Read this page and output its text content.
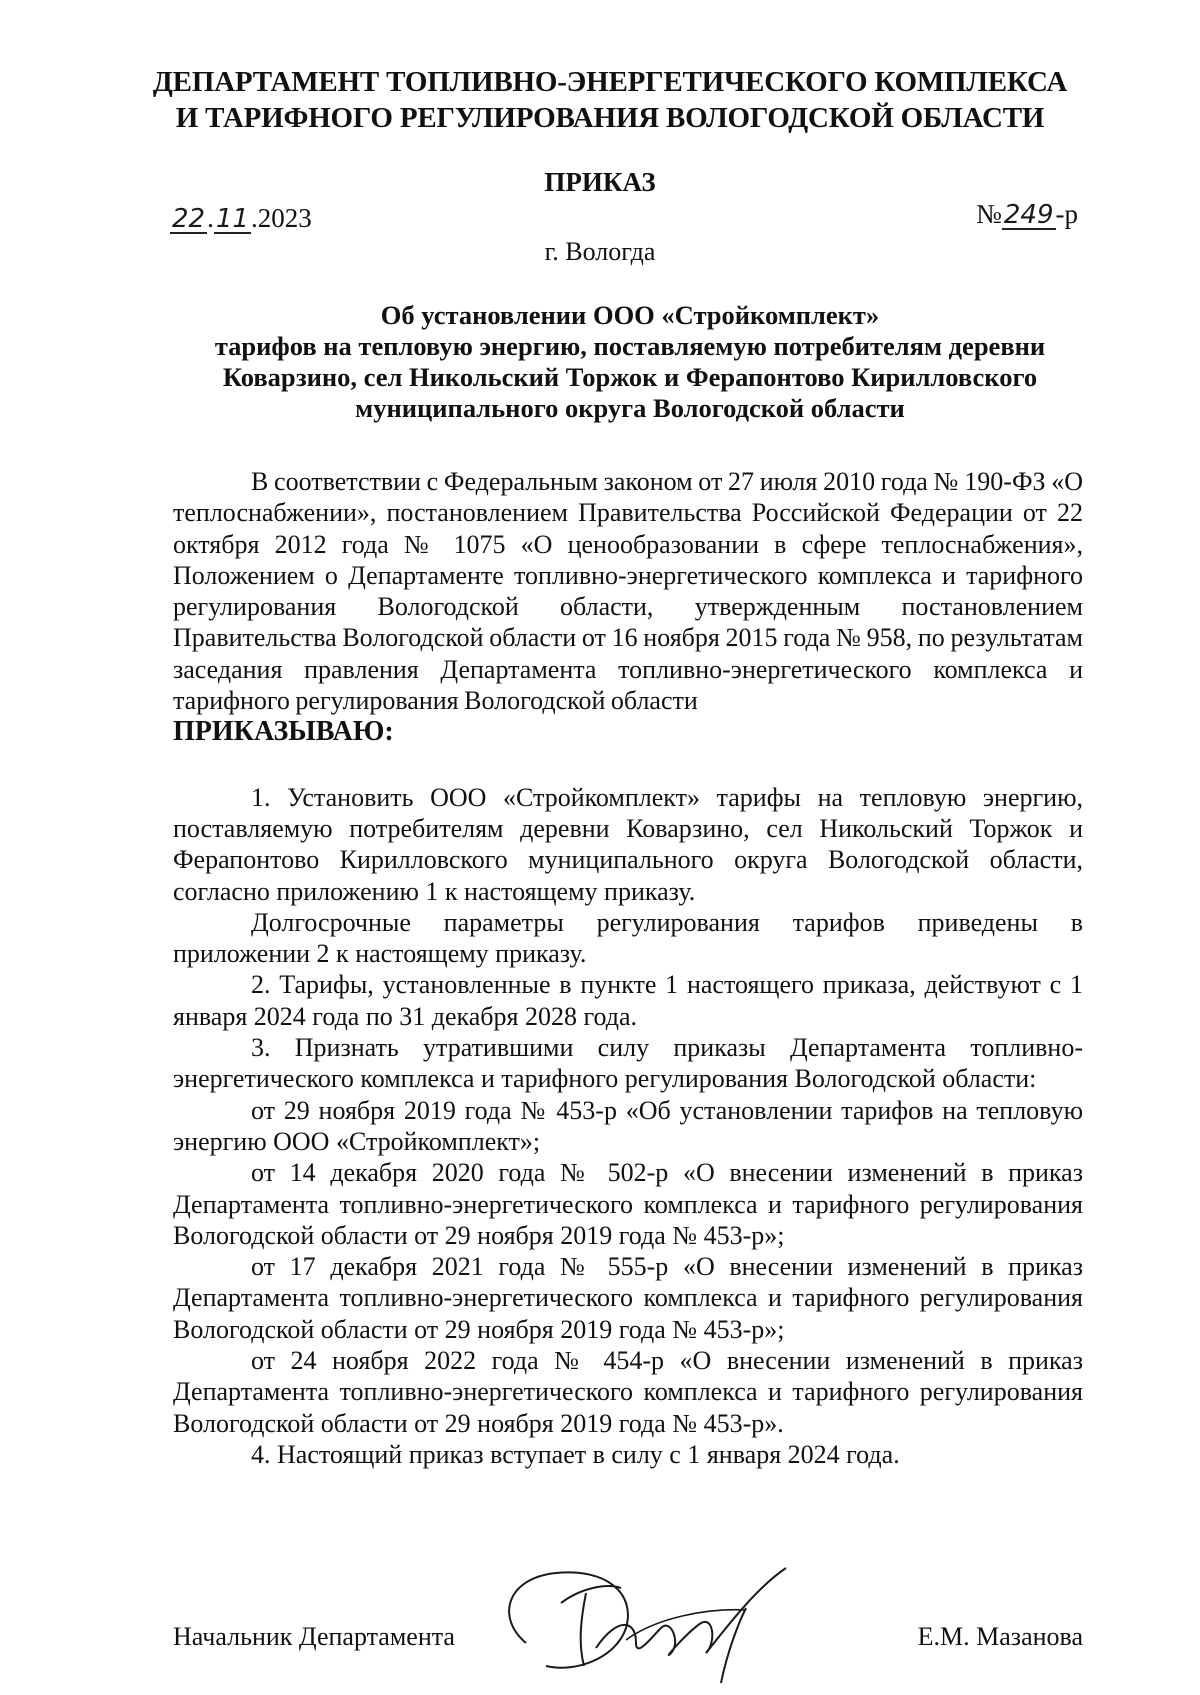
ДЕПАРТАМЕНТ ТОПЛИВНО-ЭНЕРГЕТИЧЕСКОГО КОМПЛЕКСА
И ТАРИФНОГО РЕГУЛИРОВАНИЯ ВОЛОГОДСКОЙ ОБЛАСТИ
ПРИКАЗ
22.11.2023	№249-р
г. Вологда
Об установлении ООО «Стройкомплект»
тарифов на тепловую энергию, поставляемую потребителям деревни
Коварзино, сел Никольский Торжок и Ферапонтово Кирилловского
муниципального округа Вологодской области

В соответствии с Федеральным законом от 27 июля 2010 года № 190-ФЗ «О теплоснабжении», постановлением Правительства Российской Федерации от 22 октября 2012 года № 1075 «О ценообразовании в сфере теплоснабжения», Положением о Департаменте топливно-энергетического комплекса и тарифного регулирования Вологодской области, утвержденным постановлением Правительства Вологодской области от 16 ноября 2015 года № 958, по результатам заседания правления Департамента топливно-энергетического комплекса и тарифного регулирования Вологодской области

ПРИКАЗЫВАЮ:

1. Установить ООО «Стройкомплект» тарифы на тепловую энергию, поставляемую потребителям деревни Коварзино, сел Никольский Торжок и Ферапонтово Кирилловского муниципального округа Вологодской области, согласно приложению 1 к настоящему приказу.

Долгосрочные параметры регулирования тарифов приведены в приложении 2 к настоящему приказу.

2. Тарифы, установленные в пункте 1 настоящего приказа, действуют с 1 января 2024 года по 31 декабря 2028 года.

3. Признать утратившими силу приказы Департамента топливно-энергетического комплекса и тарифного регулирования Вологодской области:

от 29 ноября 2019 года № 453-р «Об установлении тарифов на тепловую энергию ООО «Стройкомплект»;

от 14 декабря 2020 года № 502-р «О внесении изменений в приказ Департамента топливно-энергетического комплекса и тарифного регулирования Вологодской области от 29 ноября 2019 года № 453-р»;

от 17 декабря 2021 года № 555-р «О внесении изменений в приказ Департамента топливно-энергетического комплекса и тарифного регулирования Вологодской области от 29 ноября 2019 года № 453-р»;

от 24 ноября 2022 года № 454-р «О внесении изменений в приказ Департамента топливно-энергетического комплекса и тарифного регулирования Вологодской области от 29 ноября 2019 года № 453-р».

4. Настоящий приказ вступает в силу с 1 января 2024 года.

Начальник Департамента	Е.М. Мазанова
